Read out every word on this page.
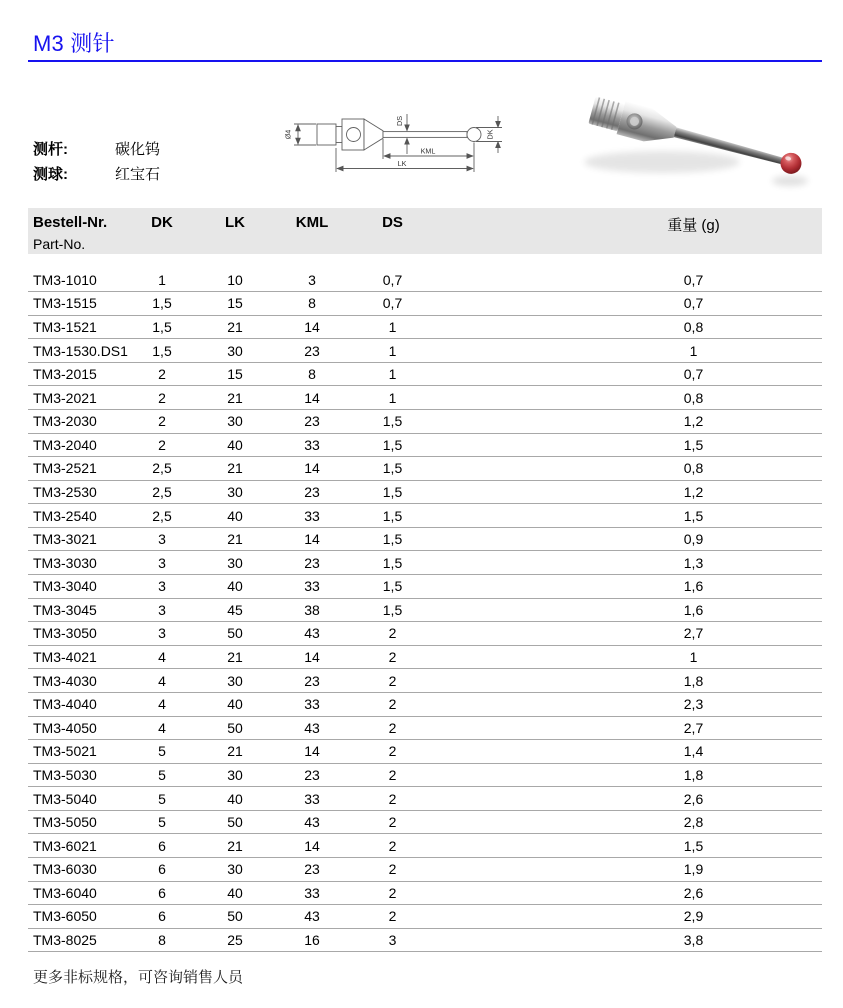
M3 测针
Ø4
DS
DK
KML
LK
测杆:	碳化钨
测球:	红宝石
Bestell-Nr.
Part-No.	DK	LK	KML	DS	重量 (g)
TM3-1010	1	10	3	0,7	0,7
TM3-1515	1,5	15	8	0,7	0,7
TM3-1521	1,5	21	14	1	0,8
TM3-1530.DS1	1,5	30	23	1	1
TM3-2015	2	15	8	1	0,7
TM3-2021	2	21	14	1	0,8
TM3-2030	2	30	23	1,5	1,2
TM3-2040	2	40	33	1,5	1,5
TM3-2521	2,5	21	14	1,5	0,8
TM3-2530	2,5	30	23	1,5	1,2
TM3-2540	2,5	40	33	1,5	1,5
TM3-3021	3	21	14	1,5	0,9
TM3-3030	3	30	23	1,5	1,3
TM3-3040	3	40	33	1,5	1,6
TM3-3045	3	45	38	1,5	1,6
TM3-3050	3	50	43	2	2,7
TM3-4021	4	21	14	2	1
TM3-4030	4	30	23	2	1,8
TM3-4040	4	40	33	2	2,3
TM3-4050	4	50	43	2	2,7
TM3-5021	5	21	14	2	1,4
TM3-5030	5	30	23	2	1,8
TM3-5040	5	40	33	2	2,6
TM3-5050	5	50	43	2	2,8
TM3-6021	6	21	14	2	1,5
TM3-6030	6	30	23	2	1,9
TM3-6040	6	40	33	2	2,6
TM3-6050	6	50	43	2	2,9
TM3-8025	8	25	16	3	3,8
更多非标规格，可咨询销售人员
